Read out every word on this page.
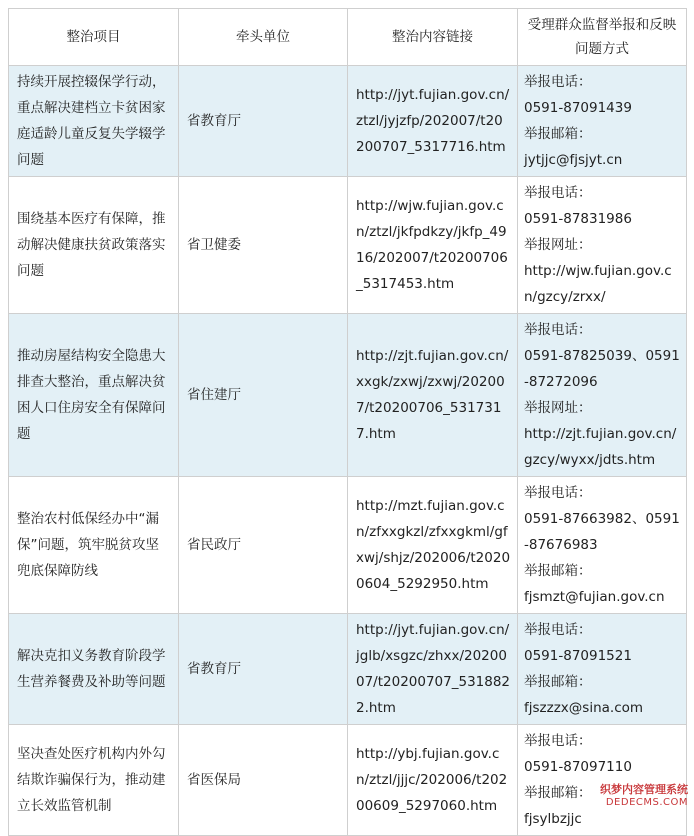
整治项目	牵头单位	整治内容链接	受理群众监督举报和反映问题方式
持续开展控辍保学行动，重点解决建档立卡贫困家庭适龄儿童反复失学辍学问题	省教育厅	http://jyt.fujian.gov.cn/ztzl/jyjzfp/202007/t20200707_5317716.htm	举报电话：
0591-87091439
举报邮箱：
jytjjc@fjsjyt.cn

围绕基本医疗有保障，推动解决健康扶贫政策落实问题	省卫健委	http://wjw.fujian.gov.cn/ztzl/jkfpdkzy/jkfp_4916/202007/t20200706_5317453.htm	举报电话：
0591-87831986
举报网址：
http://wjw.fujian.gov.cn/gzcy/zrxx/

推动房屋结构安全隐患大排查大整治，重点解决贫困人口住房安全有保障问题	省住建厅	http://zjt.fujian.gov.cn/xxgk/zxwj/zxwj/202007/t20200706_5317317.htm	举报电话：
0591-87825039、0591-87272096
举报网址：
http://zjt.fujian.gov.cn/gzcy/wyxx/jdts.htm

整治农村低保经办中“漏保”问题，筑牢脱贫攻坚兜底保障防线	省民政厅	http://mzt.fujian.gov.cn/zfxxgkzl/zfxxgkml/gfxwj/shjz/202006/t20200604_5292950.htm	举报电话：
0591-87663982、0591-87676983
举报邮箱：
fjsmzt@fujian.gov.cn

解决克扣义务教育阶段学生营养餐费及补助等问题	省教育厅	http://jyt.fujian.gov.cn/jglb/xsgzc/zhxx/2020007/t20200707_5318822.htm	举报电话：
0591-87091521
举报邮箱：
fjszzzx@sina.com

坚决查处医疗机构内外勾结欺诈骗保行为，推动建立长效监管机制	省医保局	http://ybj.fujian.gov.cn/ztzl/jjjc/202006/t20200609_5297060.htm	举报电话：
0591-87097110
举报邮箱：
fjsylbzjjc
织梦内容管理系统
DEDECMS.COM
